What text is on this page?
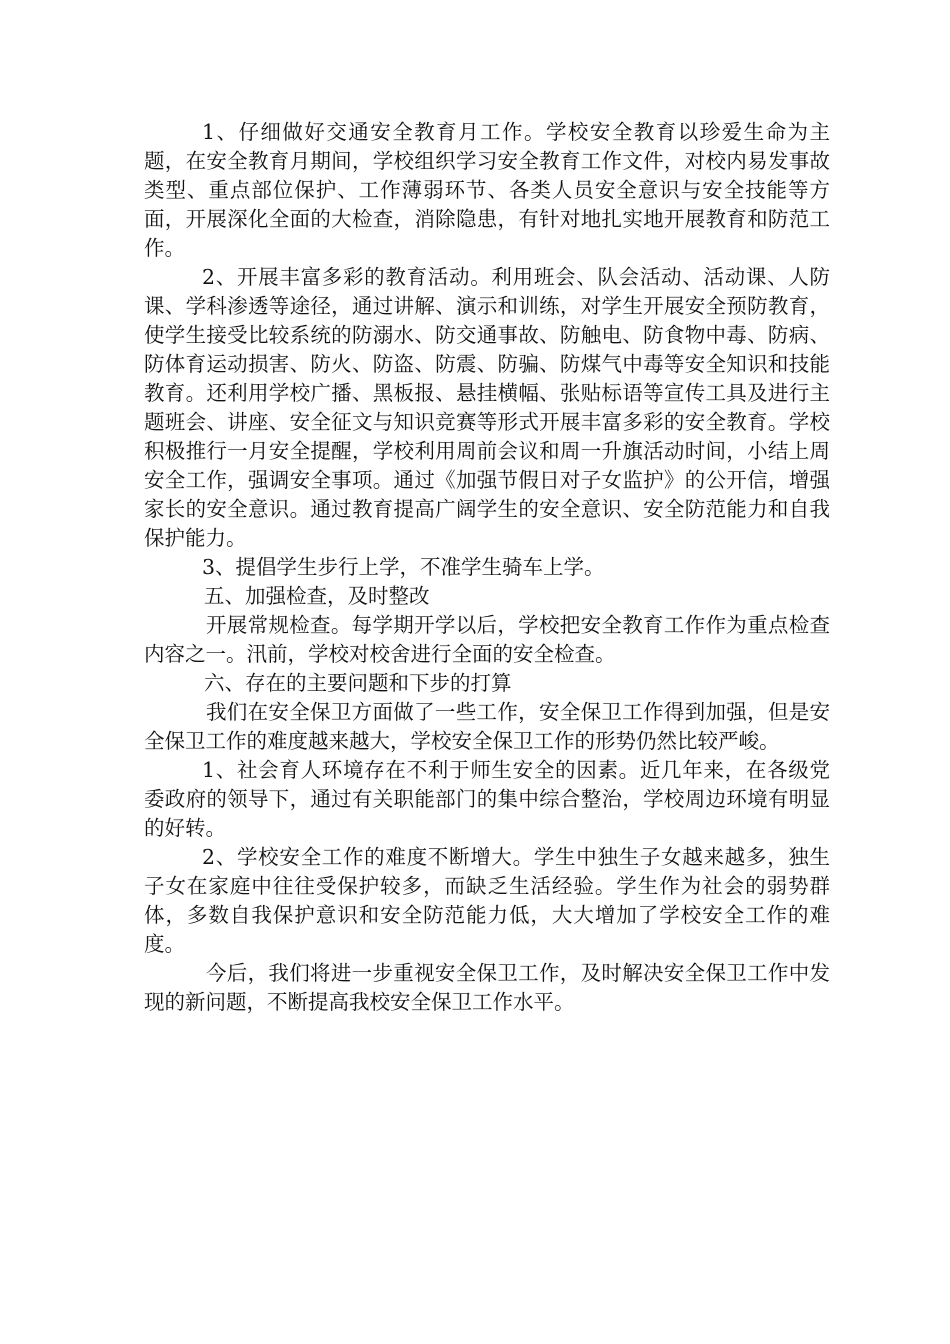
1、仔细做好交通安全教育月工作。学校安全教育以珍爱生命为主题，在安全教育月期间，学校组织学习安全教育工作文件，对校内易发事故类型、重点部位保护、工作薄弱环节、各类人员安全意识与安全技能等方面，开展深化全面的大检查，消除隐患，有针对地扎实地开展教育和防范工作。

2、开展丰富多彩的教育活动。利用班会、队会活动、活动课、人防课、学科渗透等途径，通过讲解、演示和训练，对学生开展安全预防教育，使学生接受比较系统的防溺水、防交通事故、防触电、防食物中毒、防病、防体育运动损害、防火、防盗、防震、防骗、防煤气中毒等安全知识和技能教育。还利用学校广播、黑板报、悬挂横幅、张贴标语等宣传工具及进行主题班会、讲座、安全征文与知识竞赛等形式开展丰富多彩的安全教育。学校积极推行一月安全提醒，学校利用周前会议和周一升旗活动时间，小结上周安全工作，强调安全事项。通过《加强节假日对子女监护》的公开信，增强家长的安全意识。通过教育提高广阔学生的安全意识、安全防范能力和自我保护能力。

3、提倡学生步行上学，不准学生骑车上学。

五、加强检查，及时整改

开展常规检查。每学期开学以后，学校把安全教育工作作为重点检查内容之一。汛前，学校对校舍进行全面的安全检查。

六、存在的主要问题和下步的打算

我们在安全保卫方面做了一些工作，安全保卫工作得到加强，但是安全保卫工作的难度越来越大，学校安全保卫工作的形势仍然比较严峻。

1、社会育人环境存在不利于师生安全的因素。近几年来，在各级党委政府的领导下，通过有关职能部门的集中综合整治，学校周边环境有明显的好转。

2、学校安全工作的难度不断增大。学生中独生子女越来越多，独生子女在家庭中往往受保护较多，而缺乏生活经验。学生作为社会的弱势群体，多数自我保护意识和安全防范能力低，大大增加了学校安全工作的难度。

今后，我们将进一步重视安全保卫工作，及时解决安全保卫工作中发现的新问题，不断提高我校安全保卫工作水平。
